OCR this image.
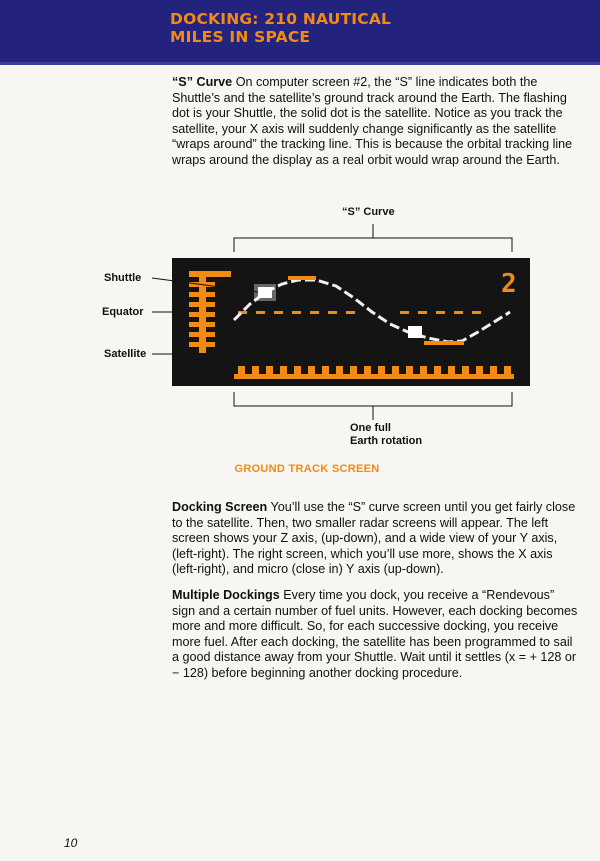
DOCKING: 210 NAUTICAL
MILES IN SPACE

“S” Curve On computer screen #2, the “S” line indicates both the Shuttle’s and the satellite’s ground track around the Earth. The flashing dot is your Shuttle, the solid dot is the satellite. Notice as you track the satellite, your X axis will suddenly change significantly as the satellite “wraps around” the tracking line. This is because the orbital tracking line wraps around the display as a real orbit would wrap around the Earth.

2
“S” Curve
Shuttle
Equator
Satellite
One full
Earth rotation
GROUND TRACK SCREEN

Docking Screen You’ll use the “S” curve screen until you get fairly close to the satellite. Then, two smaller radar screens will appear. The left screen shows your Z axis, (up-down), and a wide view of your Y axis, (left-right). The right screen, which you’ll use more, shows the X axis (left-right), and micro (close in) Y axis (up-down).

Multiple Dockings Every time you dock, you receive a “Rendevous” sign and a certain number of fuel units. However, each docking becomes more and more difficult. So, for each successive docking, you receive more fuel. After each docking, the satellite has been programmed to sail a good distance away from your Shuttle. Wait until it settles (x = + 128 or − 128) before beginning another docking procedure.

10
